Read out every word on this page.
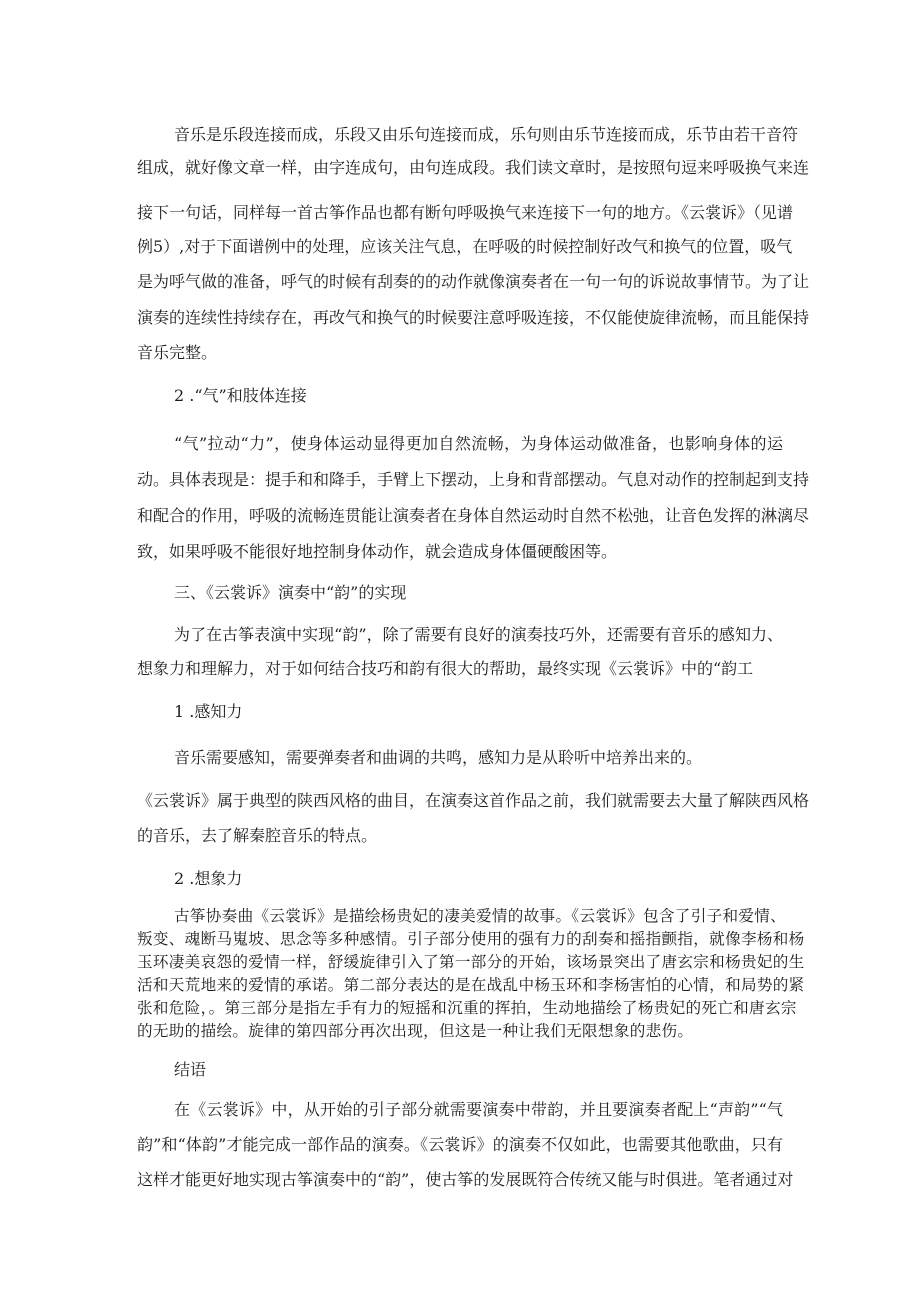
音乐是乐段连接而成，乐段又由乐句连接而成，乐句则由乐节连接而成，乐节由若干音符

组成，就好像文章一样，由字连成句，由句连成段。我们读文章时，是按照句逗来呼吸换气来连

接下一句话，同样每一首古筝作品也都有断句呼吸换气来连接下一句的地方。《云裳诉》（见谱

例5）,对于下面谱例中的处理，应该关注气息，在呼吸的时候控制好改气和换气的位置，吸气

是为呼气做的准备，呼气的时候有刮奏的的动作就像演奏者在一句一句的诉说故事情节。为了让

演奏的连续性持续存在，再改气和换气的时候要注意呼吸连接，不仅能使旋律流畅，而且能保持

音乐完整。

2 .“气”和肢体连接

“气”拉动“力”，使身体运动显得更加自然流畅，为身体运动做准备，也影响身体的运

动。具体表现是：提手和和降手，手臂上下摆动，上身和背部摆动。气息对动作的控制起到支持

和配合的作用，呼吸的流畅连贯能让演奏者在身体自然运动时自然不松弛，让音色发挥的淋漓尽

致，如果呼吸不能很好地控制身体动作，就会造成身体僵硬酸困等。

三、《云裳诉》演奏中“韵”的实现

为了在古筝表演中实现“韵”，除了需要有良好的演奏技巧外，还需要有音乐的感知力、

想象力和理解力，对于如何结合技巧和韵有很大的帮助，最终实现《云裳诉》中的“韵工

1 .感知力

音乐需要感知，需要弹奏者和曲调的共鸣，感知力是从聆听中培养出来的。

《云裳诉》属于典型的陕西风格的曲目，在演奏这首作品之前，我们就需要去大量了解陕西风格

的音乐，去了解秦腔音乐的特点。

2 .想象力

古筝协奏曲《云裳诉》是描绘杨贵妃的凄美爱情的故事。《云裳诉》包含了引子和爱情、

叛变、魂断马嵬坡、思念等多种感情。引子部分使用的强有力的刮奏和摇指颤指，就像李杨和杨

玉环凄美哀怨的爱情一样，舒缓旋律引入了第一部分的开始，该场景突出了唐玄宗和杨贵妃的生

活和天荒地来的爱情的承诺。第二部分表达的是在战乱中杨玉环和李杨害怕的心情，和局势的紧

张和危险，。第三部分是指左手有力的短摇和沉重的挥拍，生动地描绘了杨贵妃的死亡和唐玄宗

的无助的描绘。旋律的第四部分再次出现，但这是一种让我们无限想象的悲伤。

结语

在《云裳诉》中，从开始的引子部分就需要演奏中带韵，并且要演奏者配上“声韵”“气

韵”和“体韵”才能完成一部作品的演奏。《云裳诉》的演奏不仅如此，也需要其他歌曲，只有

这样才能更好地实现古筝演奏中的“韵”，使古筝的发展既符合传统又能与时俱进。笔者通过对
